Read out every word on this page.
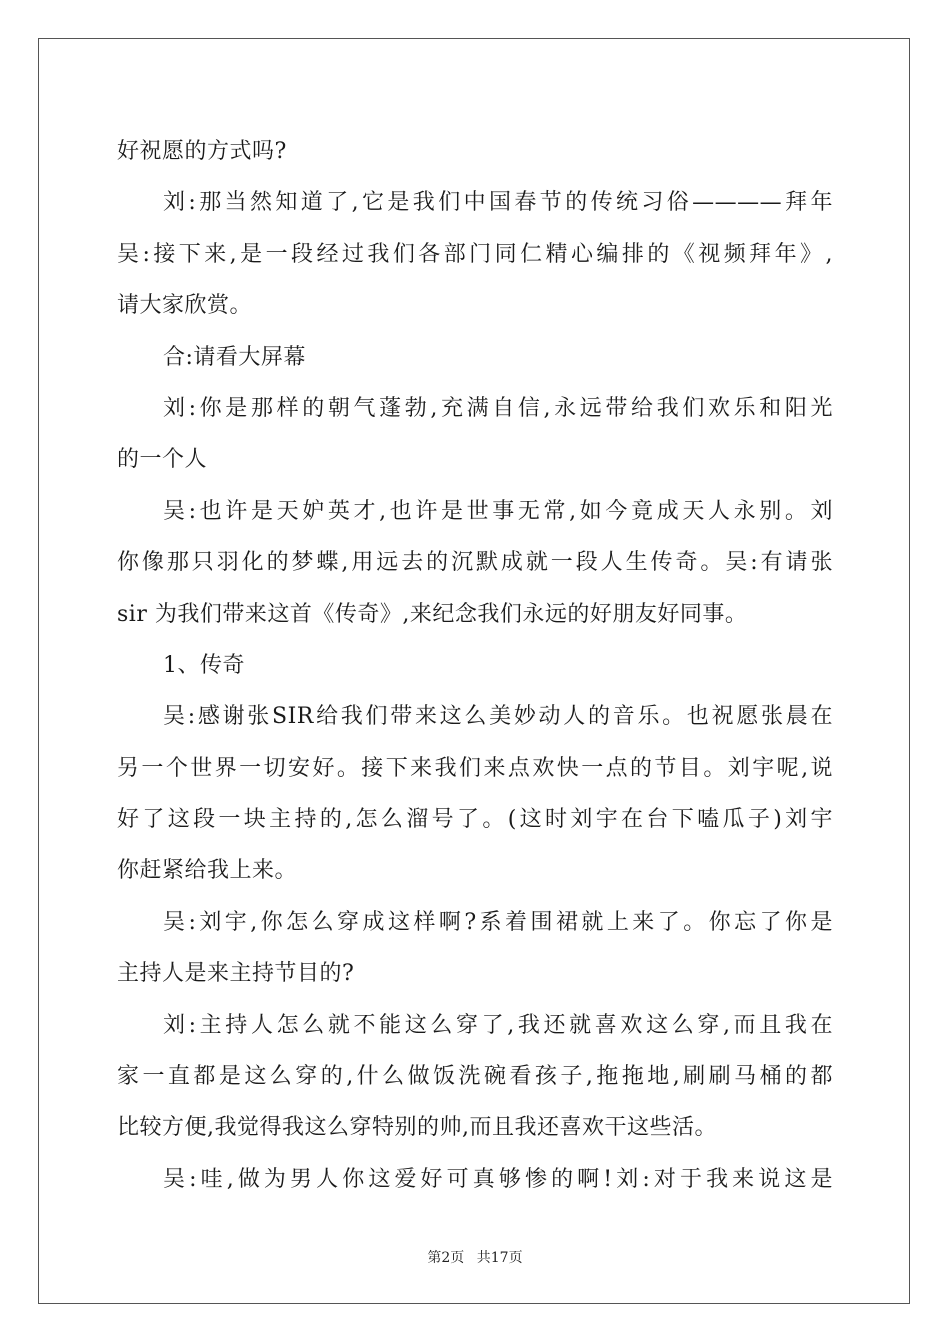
好祝愿的方式吗?
刘:那当然知道了,它是我们中国春节的传统习俗————拜年
吴:接下来,是一段经过我们各部门同仁精心编排的《视频拜年》,
请大家欣赏。
合:请看大屏幕
刘:你是那样的朝气蓬勃,充满自信,永远带给我们欢乐和阳光
的一个人
吴:也许是天妒英才,也许是世事无常,如今竟成天人永别。刘
你像那只羽化的梦蝶,用远去的沉默成就一段人生传奇。吴:有请张
sir 为我们带来这首《传奇》,来纪念我们永远的好朋友好同事。
1、传奇
吴:感谢张SIR给我们带来这么美妙动人的音乐。也祝愿张晨在
另一个世界一切安好。接下来我们来点欢快一点的节目。刘宇呢,说
好了这段一块主持的,怎么溜号了。(这时刘宇在台下嗑瓜子)刘宇
你赶紧给我上来。
吴:刘宇,你怎么穿成这样啊?系着围裙就上来了。你忘了你是
主持人是来主持节目的?
刘:主持人怎么就不能这么穿了,我还就喜欢这么穿,而且我在
家一直都是这么穿的,什么做饭洗碗看孩子,拖拖地,刷刷马桶的都
比较方便,我觉得我这么穿特别的帅,而且我还喜欢干这些活。
吴:哇,做为男人你这爱好可真够惨的啊!刘:对于我来说这是
第2页 共17页
